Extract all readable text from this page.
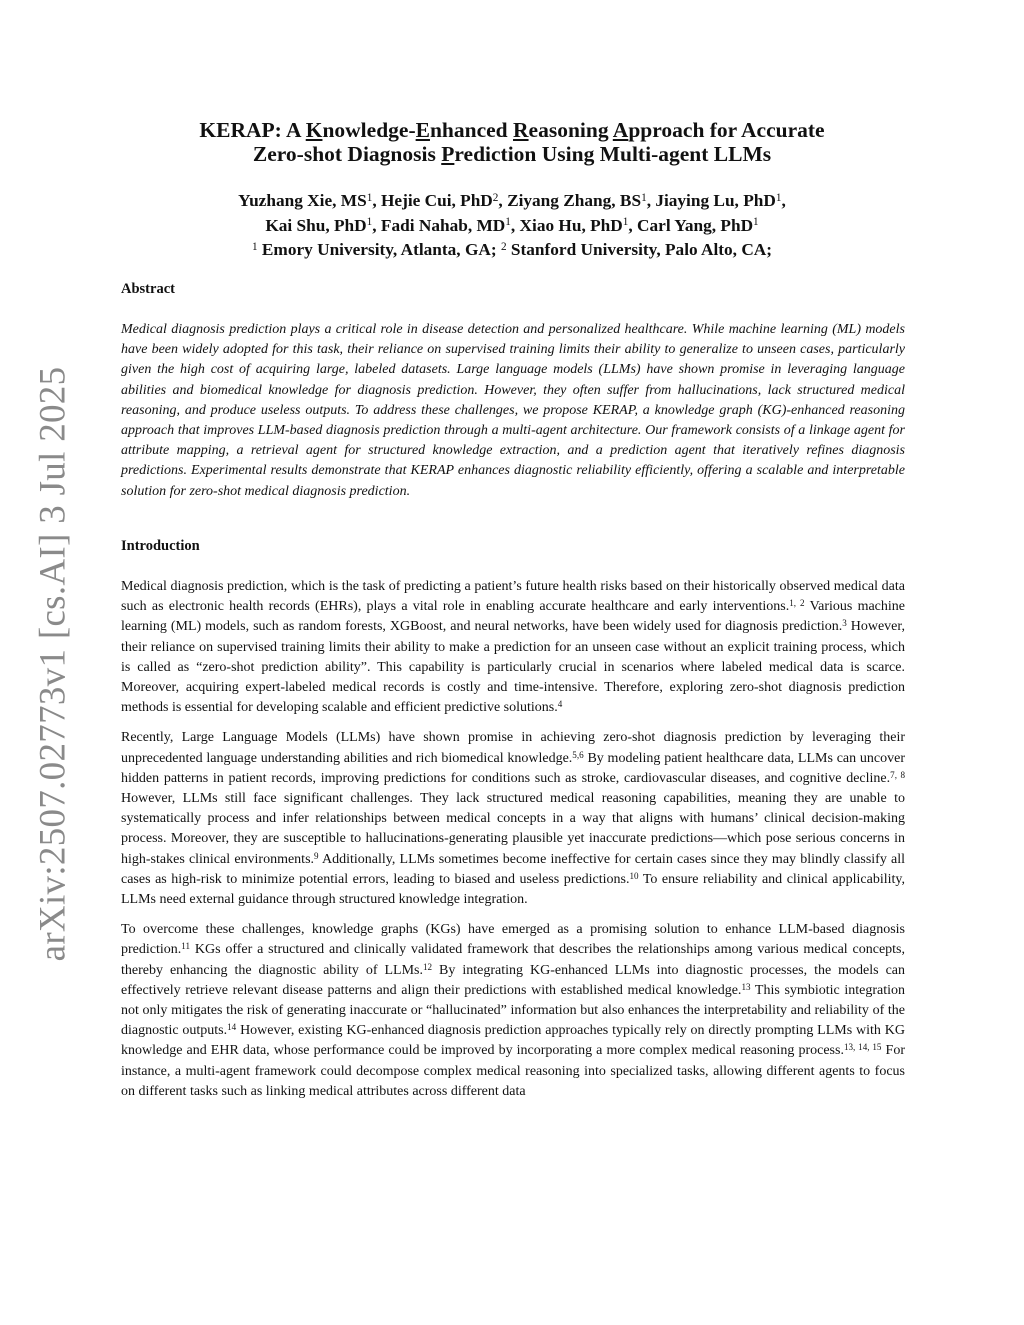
arXiv:2507.02773v1 [cs.AI] 3 Jul 2025
KERAP: A Knowledge-Enhanced Reasoning Approach for Accurate
Zero-shot Diagnosis Prediction Using Multi-agent LLMs
Yuzhang Xie, $MS^1$, Hejie Cui, PhD$^2$, Ziyang Zhang, $BS^1$, Jiaying Lu, PhD$^1$,
Kai Shu, PhD$^1$, Fadi Nahab, $MD^1$, Xiao Hu, PhD$^1$, Carl Yang, PhD$^1$
$^1$ Emory University, Atlanta, GA; $^2$ Stanford University, Palo Alto, CA;
Abstract
Medical diagnosis prediction plays a critical role in disease detection and personalized healthcare. While machine learning (ML) models have been widely adopted for this task, their reliance on supervised training limits their ability to generalize to unseen cases, particularly given the high cost of acquiring large, labeled datasets. Large language models (LLMs) have shown promise in leveraging language abilities and biomedical knowledge for diagnosis prediction. However, they often suffer from hallucinations, lack structured medical reasoning, and produce useless outputs. To address these challenges, we propose KERAP, a knowledge graph (KG)-enhanced reasoning approach that improves LLM-based diagnosis prediction through a multi-agent architecture. Our framework consists of a linkage agent for attribute mapping, a retrieval agent for structured knowledge extraction, and a prediction agent that iteratively refines diagnosis predictions. Experimental results demonstrate that KERAP enhances diagnostic reliability efficiently, offering a scalable and interpretable solution for zero-shot medical diagnosis prediction.
Introduction

Medical diagnosis prediction, which is the task of predicting a patient’s future health risks based on their historically observed medical data such as electronic health records (EHRs), plays a vital role in enabling accurate healthcare and early interventions.$^{1, 2}$ Various machine learning (ML) models, such as random forests, XGBoost, and neural networks, have been widely used for diagnosis prediction.$^3$ However, their reliance on supervised training limits their ability to make a prediction for an unseen case without an explicit training process, which is called as “zero-shot prediction ability”. This capability is particularly crucial in scenarios where labeled medical data is scarce. Moreover, acquiring expert-labeled medical records is costly and time-intensive. Therefore, exploring zero-shot diagnosis prediction methods is essential for developing scalable and efficient predictive solutions.$^4$

Recently, Large Language Models (LLMs) have shown promise in achieving zero-shot diagnosis prediction by leveraging their unprecedented language understanding abilities and rich biomedical knowledge.$^{5,6}$ By modeling patient healthcare data, LLMs can uncover hidden patterns in patient records, improving predictions for conditions such as stroke, cardiovascular diseases, and cognitive decline.$^{7, 8}$ However, LLMs still face significant challenges. They lack structured medical reasoning capabilities, meaning they are unable to systematically process and infer relationships between medical concepts in a way that aligns with humans’ clinical decision-making process. Moreover, they are susceptible to hallucinations-generating plausible yet inaccurate predictions—which pose serious concerns in high-stakes clinical environments.$^9$ Additionally, LLMs sometimes become ineffective for certain cases since they may blindly classify all cases as high-risk to minimize potential errors, leading to biased and useless predictions.$^{10}$ To ensure reliability and clinical applicability, LLMs need external guidance through structured knowledge integration.

To overcome these challenges, knowledge graphs (KGs) have emerged as a promising solution to enhance LLM-based diagnosis prediction.$^{11}$ KGs offer a structured and clinically validated framework that describes the relationships among various medical concepts, thereby enhancing the diagnostic ability of LLMs.$^{12}$ By integrating KG-enhanced LLMs into diagnostic processes, the models can effectively retrieve relevant disease patterns and align their predictions with established medical knowledge.$^{13}$ This symbiotic integration not only mitigates the risk of generating inaccurate or “hallucinated” information but also enhances the interpretability and reliability of the diagnostic outputs.$^{14}$ However, existing KG-enhanced diagnosis prediction approaches typically rely on directly prompting LLMs with KG knowledge and EHR data, whose performance could be improved by incorporating a more complex medical reasoning process.$^{13, 14, 15}$ For instance, a multi-agent framework could decompose complex medical reasoning into specialized tasks, allowing different agents to focus on different tasks such as linking medical attributes across different data
